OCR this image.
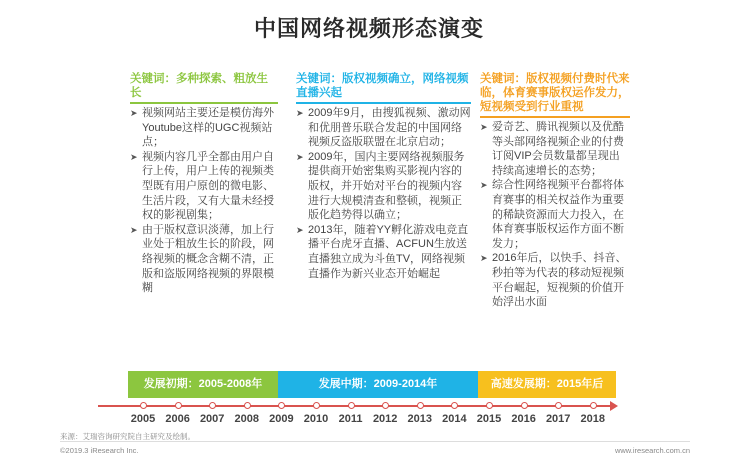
中国网络视频形态演变
关键词：多种探索、粗放生长
➤ 视频网站主要还是模仿海外Youtube这样的UGC视频站点；
➤ 视频内容几乎全都由用户自行上传，用户上传的视频类型既有用户原创的微电影、生活片段，又有大量未经授权的影视剧集；
➤ 由于版权意识淡薄，加上行业处于粗放生长的阶段，网络视频的概念含糊不清，正版和盗版网络视频的界限模糊
关键词：版权视频确立，网络视频直播兴起
➤ 2009年9月，由搜狐视频、激动网和优朋普乐联合发起的中国网络视频反盗版联盟在北京启动；
➤ 2009年，国内主要网络视频服务提供商开始密集购买影视内容的版权，并开始对平台的视频内容进行大规模清查和整顿，视频正版化趋势得以确立；
➤ 2013年，随着YY孵化游戏电竞直播平台虎牙直播、ACFUN生放送直播独立成为斗鱼TV，网络视频直播作为新兴业态开始崛起
关键词：版权视频付费时代来临，体育赛事版权运作发力，短视频受到行业重视
➤ 爱奇艺、腾讯视频以及优酷等头部网络视频企业的付费订阅VIP会员数量都呈现出持续高速增长的态势；
➤ 综合性网络视频平台都将体育赛事的相关权益作为重要的稀缺资源而大力投入，在体育赛事版权运作方面不断发力；
➤ 2016年后，以快手、抖音、秒拍等为代表的移动短视频平台崛起，短视频的价值开始浮出水面
发展初期：2005-2008年	发展中期：2009-2014年	高速发展期：2015年后
2005 2006 2007 2008 2009 2010 2011 2012 2013 2014 2015 2016 2017 2018
来源：艾瑞咨询研究院自主研究及绘制。
©2019.3 iResearch Inc.	www.iresearch.com.cn
